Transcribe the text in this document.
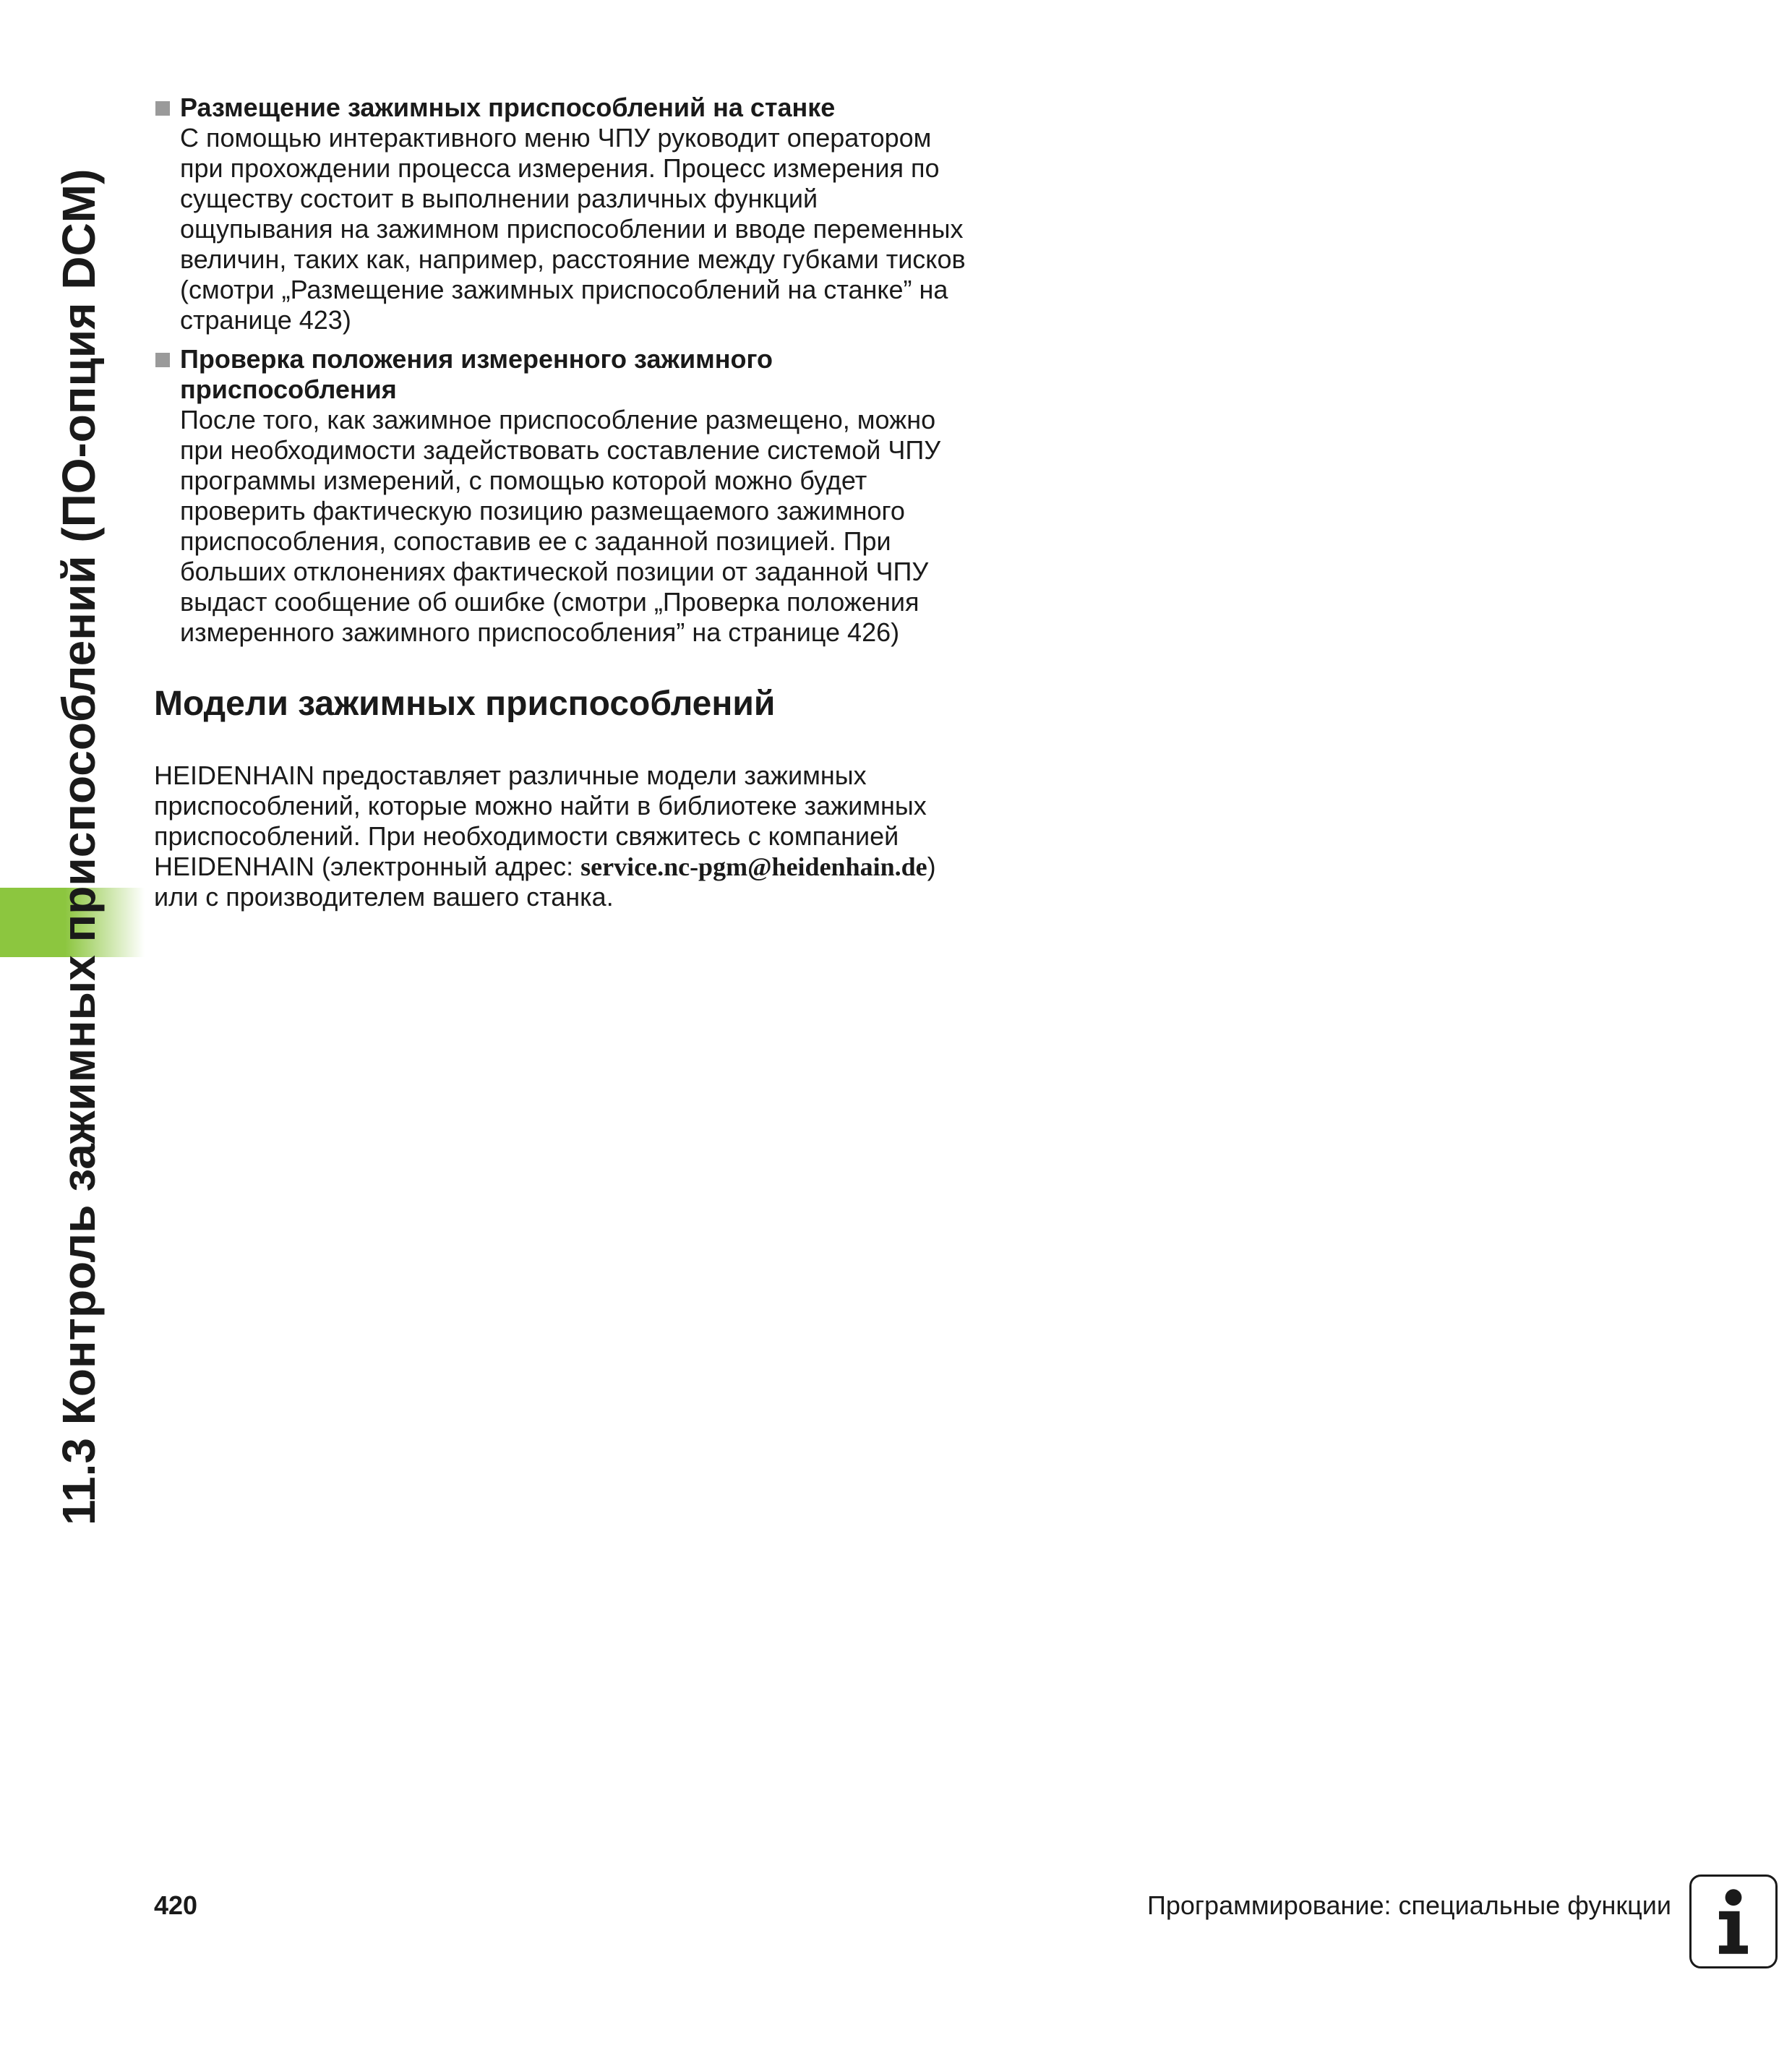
11.3 Контроль зажимных приспособлений (ПО-опция DCM)

Размещение зажимных приспособлений на станке

С помощью интерактивного меню ЧПУ руководит оператором
при прохождении процесса измерения. Процесс измерения по
существу состоит в выполнении различных функций
ощупывания на зажимном приспособлении и вводе переменных
величин, таких как, например, расстояние между губками тисков
(смотри „Размещение зажимных приспособлений на станке” на
странице 423)

Проверка положения измеренного зажимного
приспособления

После того, как зажимное приспособление размещено, можно
при необходимости задействовать составление системой ЧПУ
программы измерений, с помощью которой можно будет
проверить фактическую позицию размещаемого зажимного
приспособления, сопоставив ее с заданной позицией. При
больших отклонениях фактической позиции от заданной ЧПУ
выдаст сообщение об ошибке (смотри „Проверка положения
измеренного зажимного приспособления” на странице 426)

Модели зажимных приспособлений

HEIDENHAIN предоставляет различные модели зажимных
приспособлений, которые можно найти в библиотеке зажимных
приспособлений. При необходимости свяжитесь с компанией
HEIDENHAIN (электронный адрес: service.nc-pgm@heidenhain.de)
или с производителем вашего станка.

420	Программирование: специальные функции
